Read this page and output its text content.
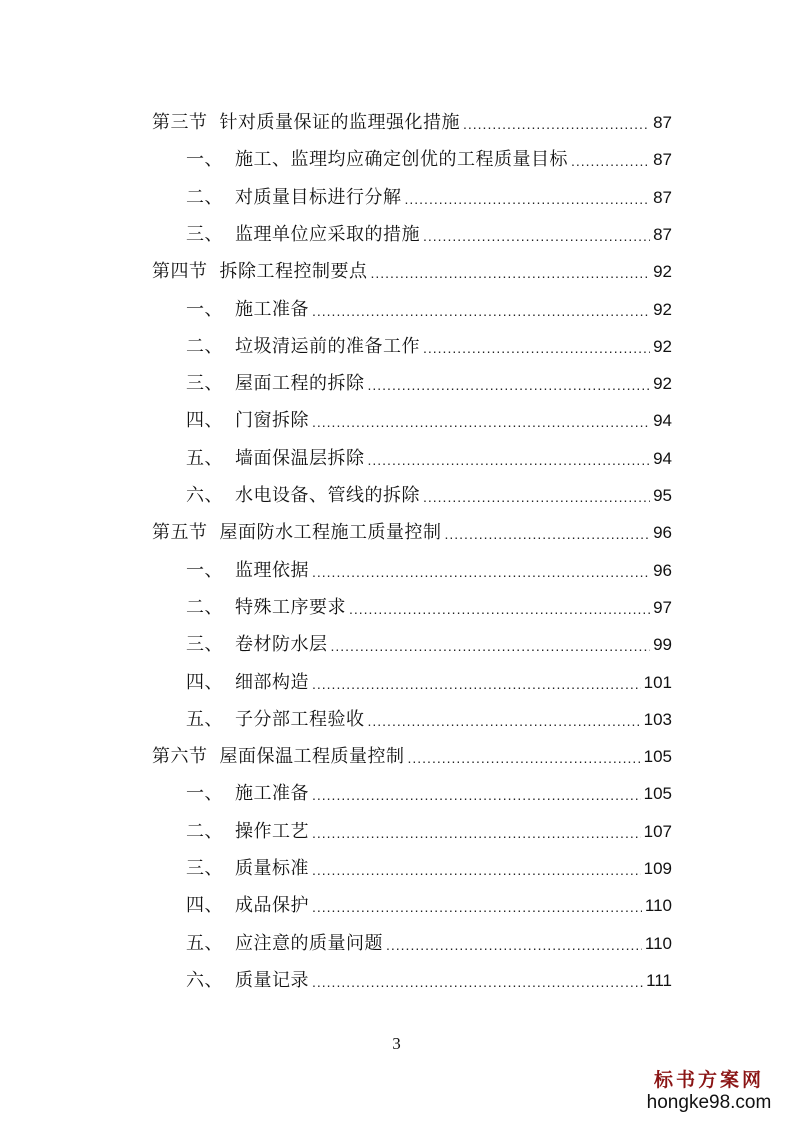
第三节 针对质量保证的监理强化措施 .....	87
一、 施工、监理均应确定创优的工程质量目标 .....	87
二、 对质量目标进行分解 .....	87
三、 监理单位应采取的措施 .....	87
第四节 拆除工程控制要点 .....	92
一、 施工准备 .....	92
二、 垃圾清运前的准备工作 .....	92
三、 屋面工程的拆除 .....	92
四、 门窗拆除 .....	94
五、 墙面保温层拆除 .....	94
六、 水电设备、管线的拆除 .....	95
第五节 屋面防水工程施工质量控制 .....	96
一、 监理依据 .....	96
二、 特殊工序要求 .....	97
三、 卷材防水层 .....	99
四、 细部构造 .....	101
五、 子分部工程验收 .....	103
第六节 屋面保温工程质量控制 .....	105
一、 施工准备 .....	105
二、 操作工艺 .....	107
三、 质量标准 .....	109
四、 成品保护 .....	110
五、 应注意的质量问题 .....	110
六、 质量记录 .....	111
3
标书方案网
hongke98.com
